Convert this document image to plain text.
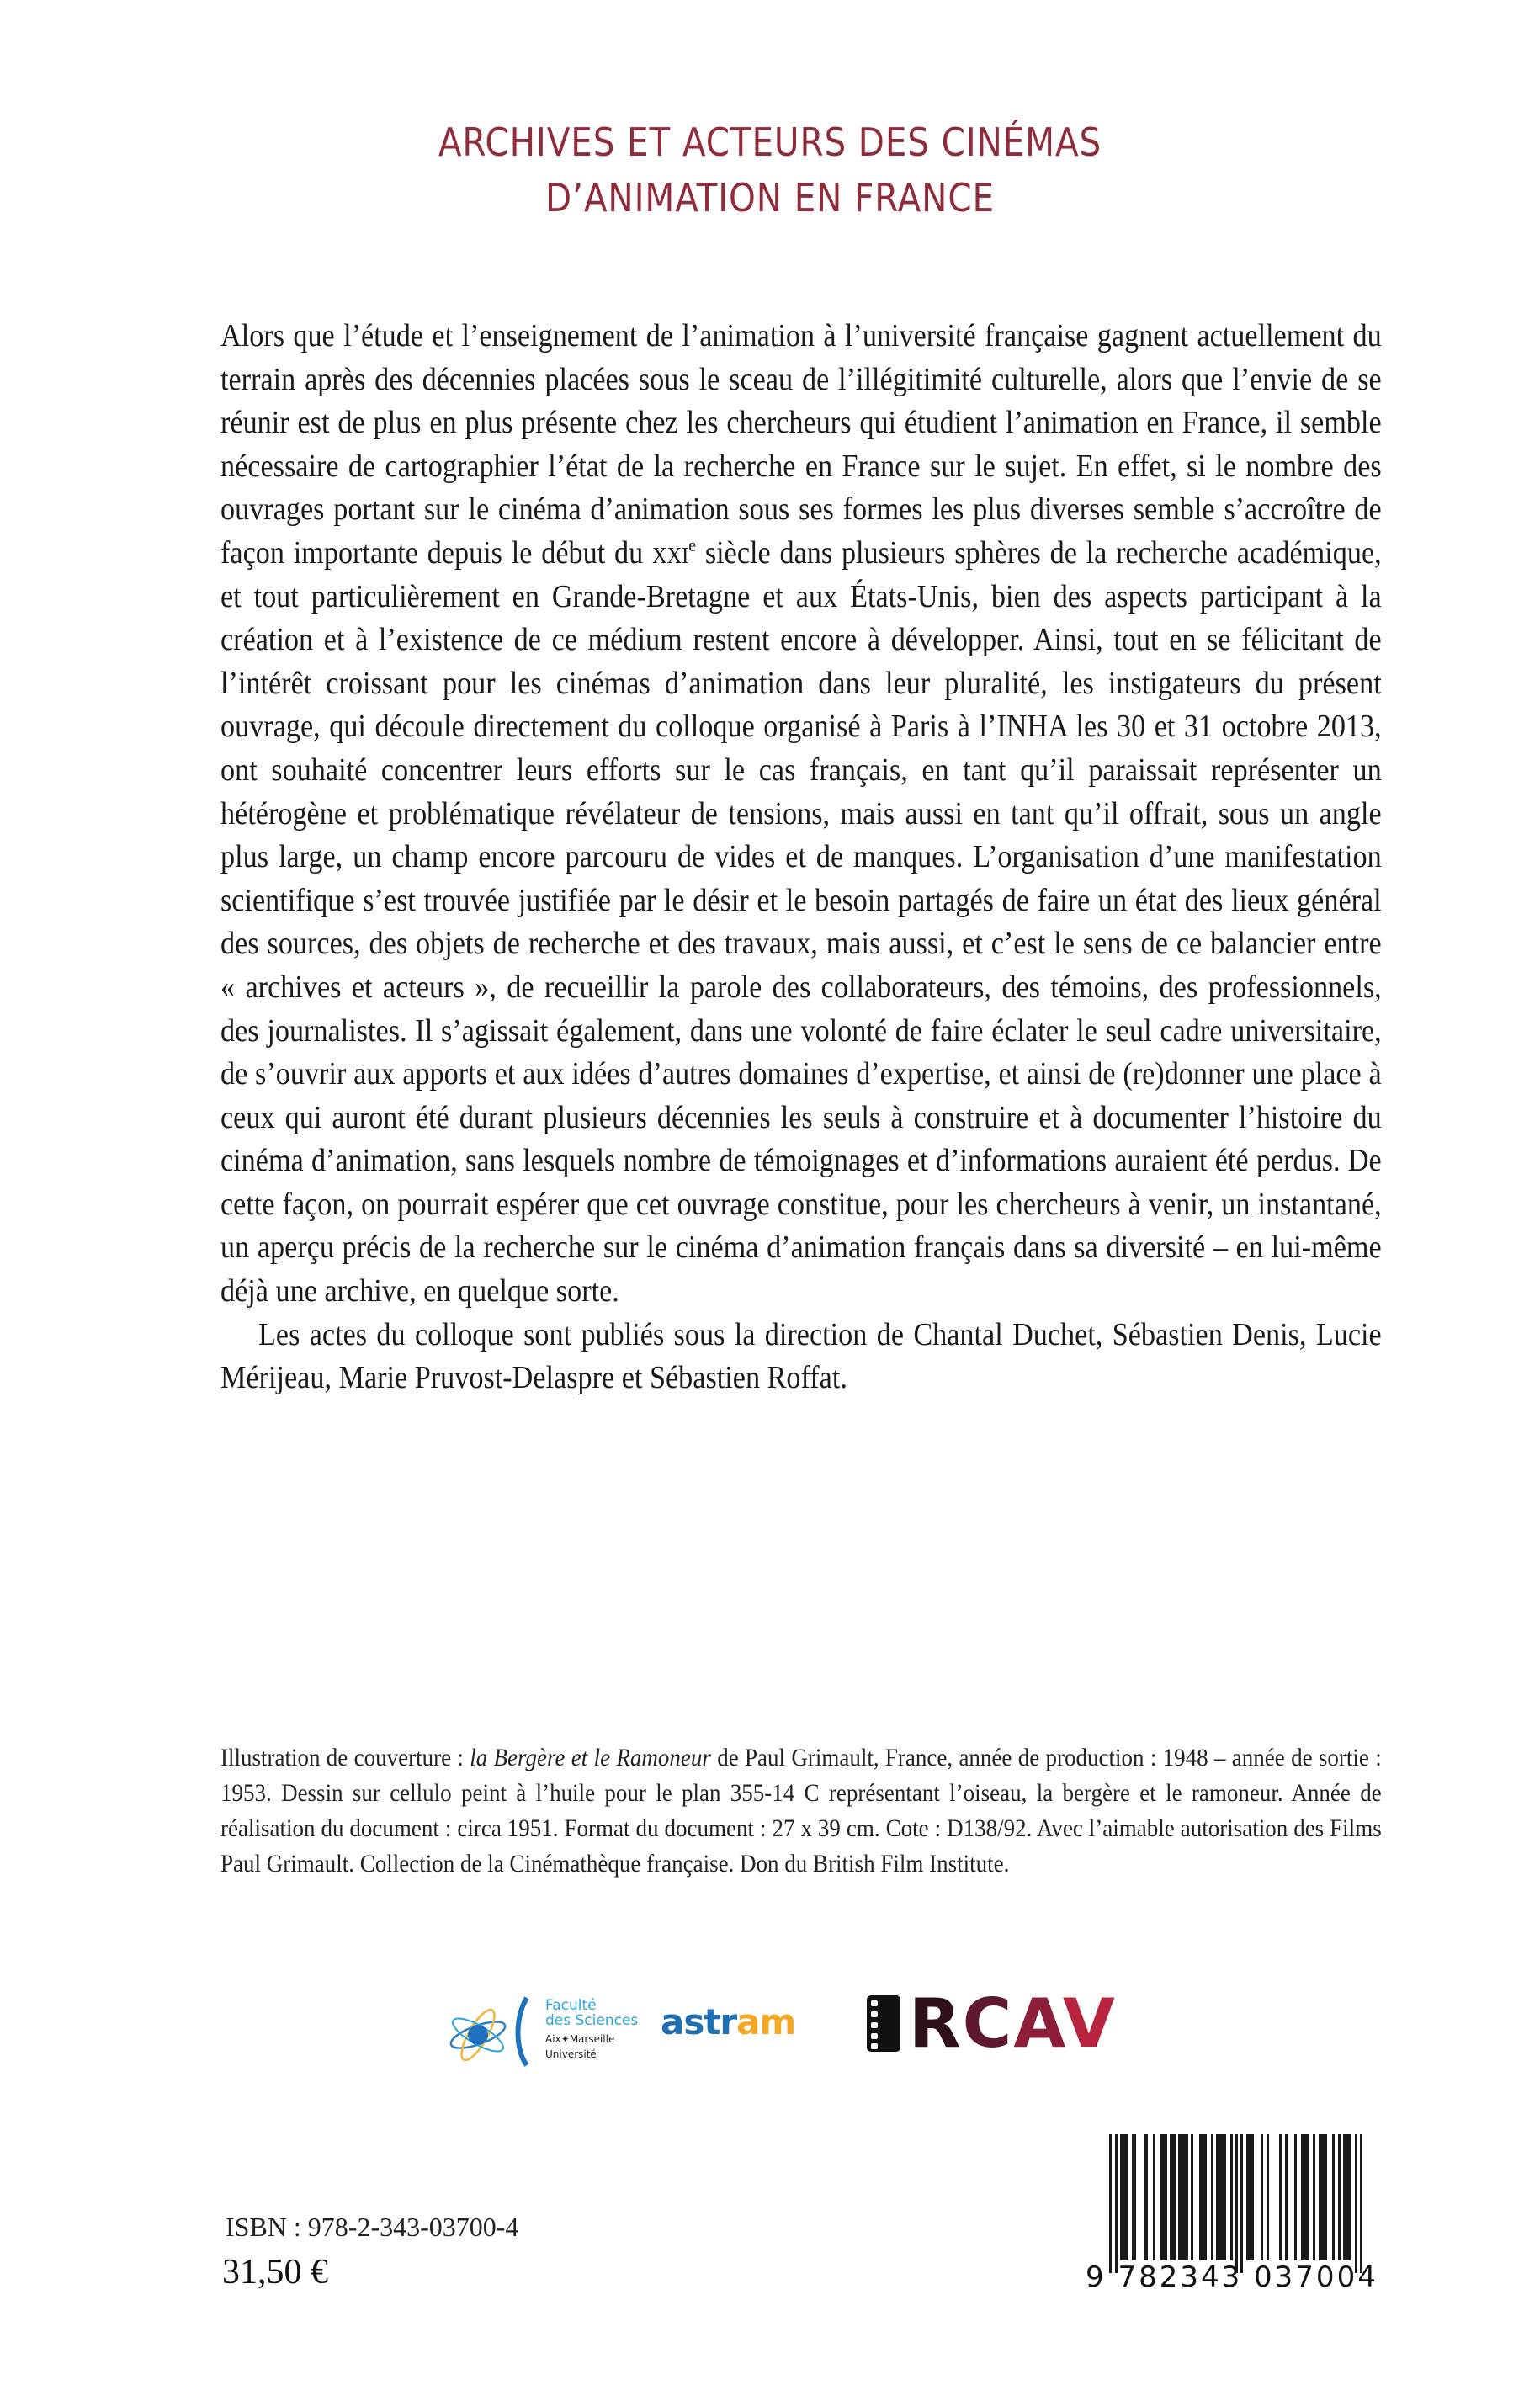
ARCHIVES ET ACTEURS DES CINÉMAS
D’ANIMATION EN FRANCE

Alors que l’étude et l’enseignement de l’animation à l’université française gagnent actuellement du terrain après des décennies placées sous le sceau de l’illégitimité culturelle, alors que l’envie de se réunir est de plus en plus présente chez les chercheurs qui étudient l’animation en France, il semble nécessaire de cartographier l’état de la recherche en France sur le sujet. En effet, si le nombre des ouvrages portant sur le cinéma d’animation sous ses formes les plus diverses semble s’accroître de façon importante depuis le début du xxi$^e$ siècle dans plusieurs sphères de la recherche académique, et tout particulièrement en Grande-Bretagne et aux États-Unis, bien des aspects participant à la création et à l’existence de ce médium restent encore à développer. Ainsi, tout en se félicitant de l’intérêt croissant pour les cinémas d’animation dans leur pluralité, les instigateurs du présent ouvrage, qui découle directement du colloque organisé à Paris à l’INHA les 30 et 31 octobre 2013, ont souhaité concentrer leurs efforts sur le cas français, en tant qu’il paraissait représenter un hétérogène et problématique révélateur de tensions, mais aussi en tant qu’il offrait, sous un angle plus large, un champ encore parcouru de vides et de manques. L’organisation d’une manifestation scientifique s’est trouvée justifiée par le désir et le besoin partagés de faire un état des lieux général des sources, des objets de recherche et des travaux, mais aussi, et c’est le sens de ce balancier entre « archives et acteurs », de recueillir la parole des collaborateurs, des témoins, des professionnels, des journalistes. Il s’agissait également, dans une volonté de faire éclater le seul cadre universitaire, de s’ouvrir aux apports et aux idées d’autres domaines d’expertise, et ainsi de (re)donner une place à ceux qui auront été durant plusieurs décennies les seuls à construire et à documenter l’histoire du cinéma d’animation, sans lesquels nombre de témoignages et d’informations auraient été perdus. De cette façon, on pourrait espérer que cet ouvrage constitue, pour les chercheurs à venir, un instantané, un aperçu précis de la recherche sur le cinéma d’animation français dans sa diversité – en lui-même déjà une archive, en quelque sorte.

Les actes du colloque sont publiés sous la direction de Chantal Duchet, Sébastien Denis, Lucie Mérijeau, Marie Pruvost-Delaspre et Sébastien Roffat.

Illustration de couverture : la Bergère et le Ramoneur de Paul Grimault, France, année de production : 1948 – année de sortie : 1953. Dessin sur cellulo peint à l’huile pour le plan 355-14 C représentant l’oiseau, la bergère et le ramoneur. Année de réalisation du document : circa 1951. Format du document : 27 x 39 cm. Cote : D138/92. Avec l’aimable autorisation des Films Paul Grimault. Collection de la Cinémathèque française. Don du British Film Institute.
Faculté
des Sciences
Aix✦Marseille Université
astram RCAV
ISBN : 978-2-343-03700-4
31,50 €	9 782343 037004
